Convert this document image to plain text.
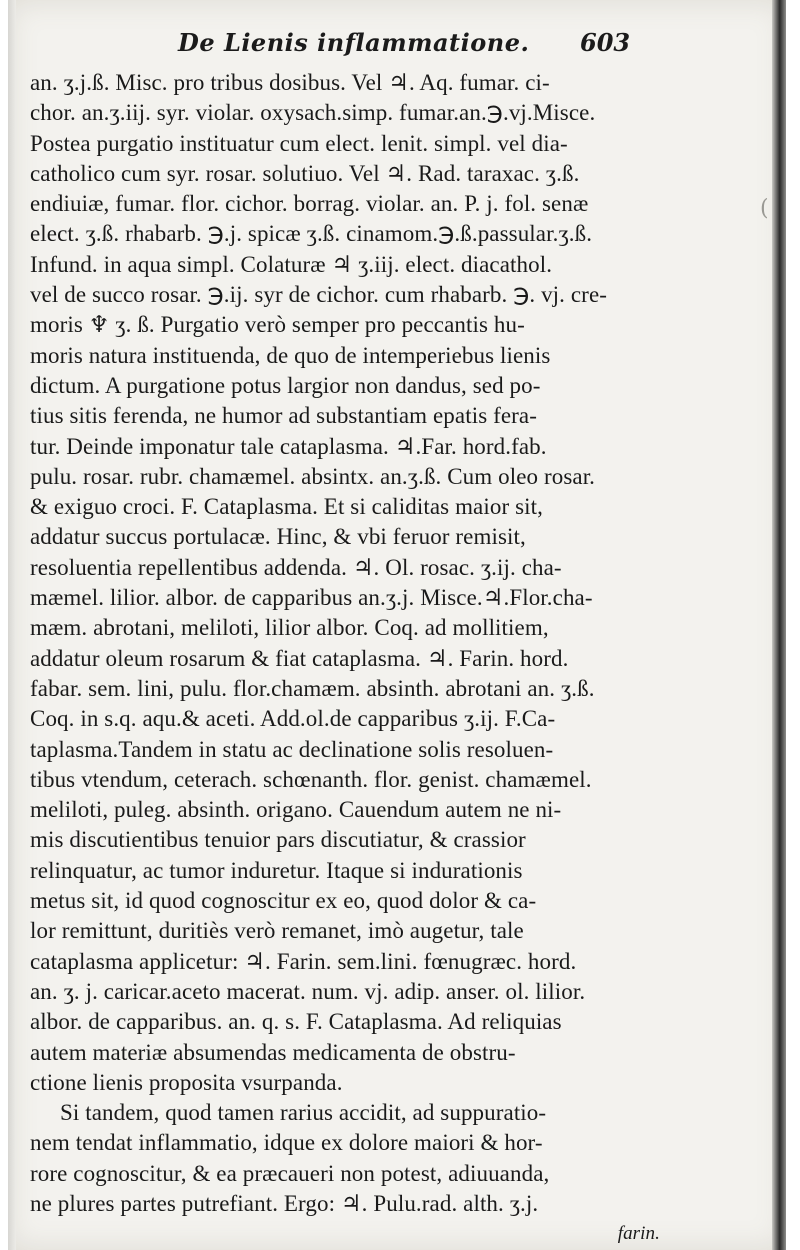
De Lienis inflammatione. 603
an. ʒ.j.ß. Misc. pro tribus dosibus. Vel ♃. Aq. fumar. ci-
chor. an.ʒ.iij. syr. violar. oxysach.simp. fumar.an.℈.vj.Misce.
Postea purgatio instituatur cum elect. lenit. simpl. vel dia-
catholico cum syr. rosar. solutiuo. Vel ♃. Rad. taraxac. ʒ.ß.
endiuiæ, fumar. flor. cichor. borrag. violar. an. P. j. fol. senæ
elect. ʒ.ß. rhabarb. ℈.j. spicæ ʒ.ß. cinamom.℈.ß.passular.ʒ.ß.
Infund. in aqua simpl. Colaturæ ♃ ʒ.iij. elect. diacathol.
vel de succo rosar. ℈.ij. syr de cichor. cum rhabarb. ℈. vj. cre-
moris ♆ ʒ. ß. Purgatio verò semper pro peccantis hu-
moris natura instituenda, de quo de intemperiebus lienis
dictum. A purgatione potus largior non dandus, sed po-
tius sitis ferenda, ne humor ad substantiam epatis fera-
tur. Deinde imponatur tale cataplasma. ♃.Far. hord.fab.
pulu. rosar. rubr. chamæmel. absintx. an.ʒ.ß. Cum oleo rosar.
& exiguo croci. F. Cataplasma. Et si caliditas maior sit,
addatur succus portulacæ. Hinc, & vbi feruor remisit,
resoluentia repellentibus addenda. ♃. Ol. rosac. ʒ.ij. cha-
mæmel. lilior. albor. de capparibus an.ʒ.j. Misce.♃.Flor.cha-
mæm. abrotani, meliloti, lilior albor. Coq. ad mollitiem,
addatur oleum rosarum & fiat cataplasma. ♃. Farin. hord.
fabar. sem. lini, pulu. flor.chamæm. absinth. abrotani an. ʒ.ß.
Coq. in s.q. aqu.& aceti. Add.ol.de capparibus ʒ.ij. F.Ca-
taplasma.Tandem in statu ac declinatione solis resoluen-
tibus vtendum, ceterach. schœnanth. flor. genist. chamæmel.
meliloti, puleg. absinth. origano. Cauendum autem ne ni-
mis discutientibus tenuior pars discutiatur, & crassior
relinquatur, ac tumor induretur. Itaque si indurationis
metus sit, id quod cognoscitur ex eo, quod dolor & ca-
lor remittunt, duritiès verò remanet, imò augetur, tale
cataplasma applicetur: ♃. Farin. sem.lini. fœnugræc. hord.
an. ʒ. j. caricar.aceto macerat. num. vj. adip. anser. ol. lilior.
albor. de capparibus. an. q. s. F. Cataplasma. Ad reliquias
autem materiæ absumendas medicamenta de obstru-
ctione lienis proposita vsurpanda.
Si tandem, quod tamen rarius accidit, ad suppuratio-
nem tendat inflammatio, idque ex dolore maiori & hor-
rore cognoscitur, & ea præcaueri non potest, adiuuanda,
ne plures partes putrefiant. Ergo: ♃. Pulu.rad. alth. ʒ.j.
farin.
(
